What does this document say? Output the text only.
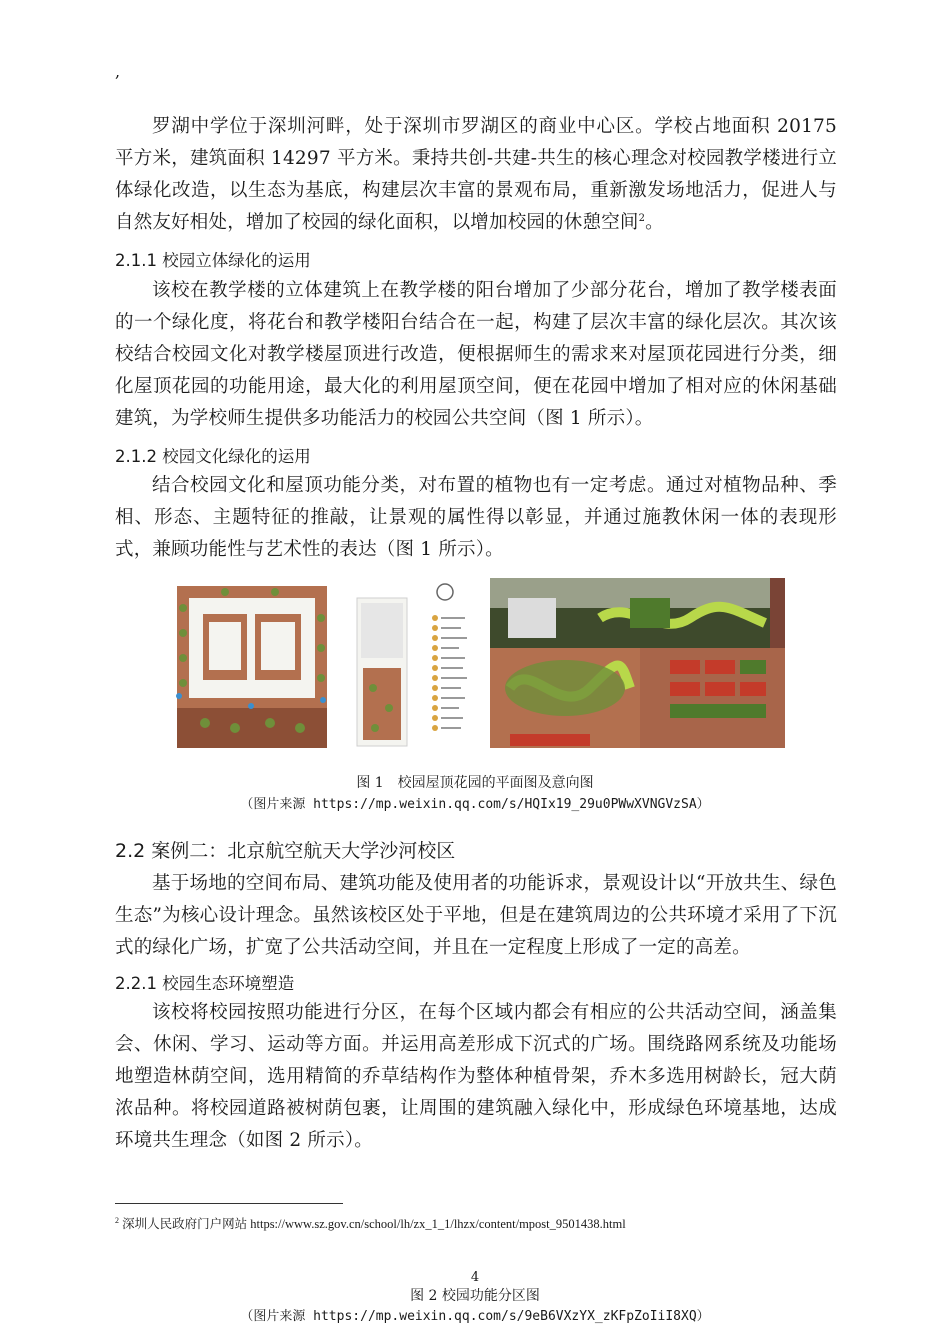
,

罗湖中学位于深圳河畔，处于深圳市罗湖区的商业中心区。学校占地面积 20175 平方米，建筑面积 14297 平方米。秉持共创-共建-共生的核心理念对校园教学楼进行立体绿化改造，以生态为基底，构建层次丰富的景观布局，重新激发场地活力，促进人与自然友好相处，增加了校园的绿化面积，以增加校园的休憩空间$^2$。

2.1.1 校园立体绿化的运用

该校在教学楼的立体建筑上在教学楼的阳台增加了少部分花台，增加了教学楼表面的一个绿化度，将花台和教学楼阳台结合在一起，构建了层次丰富的绿化层次。其次该校结合校园文化对教学楼屋顶进行改造，便根据师生的需求来对屋顶花园进行分类，细化屋顶花园的功能用途，最大化的利用屋顶空间，便在花园中增加了相对应的休闲基础建筑，为学校师生提供多功能活力的校园公共空间（图 1 所示）。

2.1.2 校园文化绿化的运用

结合校园文化和屋顶功能分类，对布置的植物也有一定考虑。通过对植物品种、季相、形态、主题特征的推敲，让景观的属性得以彰显，并通过施教休闲一体的表现形式，兼顾功能性与艺术性的表达（图 1 所示）。

图 1　校园屋顶花园的平面图及意向图
（图片来源 https://mp.weixin.qq.com/s/HQIx19_29u0PWwXVNGVzSA）
2.2 案例二：北京航空航天大学沙河校区

基于场地的空间布局、建筑功能及使用者的功能诉求，景观设计以“开放共生、绿色生态”为核心设计理念。虽然该校区处于平地，但是在建筑周边的公共环境才采用了下沉式的绿化广场，扩宽了公共活动空间，并且在一定程度上形成了一定的高差。

2.2.1 校园生态环境塑造

该校将校园按照功能进行分区，在每个区域内都会有相应的公共活动空间，涵盖集会、休闲、学习、运动等方面。并运用高差形成下沉式的广场。围绕路网系统及功能场地塑造林荫空间，选用精简的乔草结构作为整体种植骨架，乔木多选用树龄长，冠大荫浓品种。将校园道路被树荫包裹，让周围的建筑融入绿化中，形成绿色环境基地，达成环境共生理念（如图 2 所示）。

$^2$ 深圳人民政府门户网站 https://www.sz.gov.cn/school/lh/zx_1_1/lhzx/content/mpost_9501438.html
4
图 2 校园功能分区图
（图片来源 https://mp.weixin.qq.com/s/9eB6VXzYX_zKFpZoIiI8XQ）
